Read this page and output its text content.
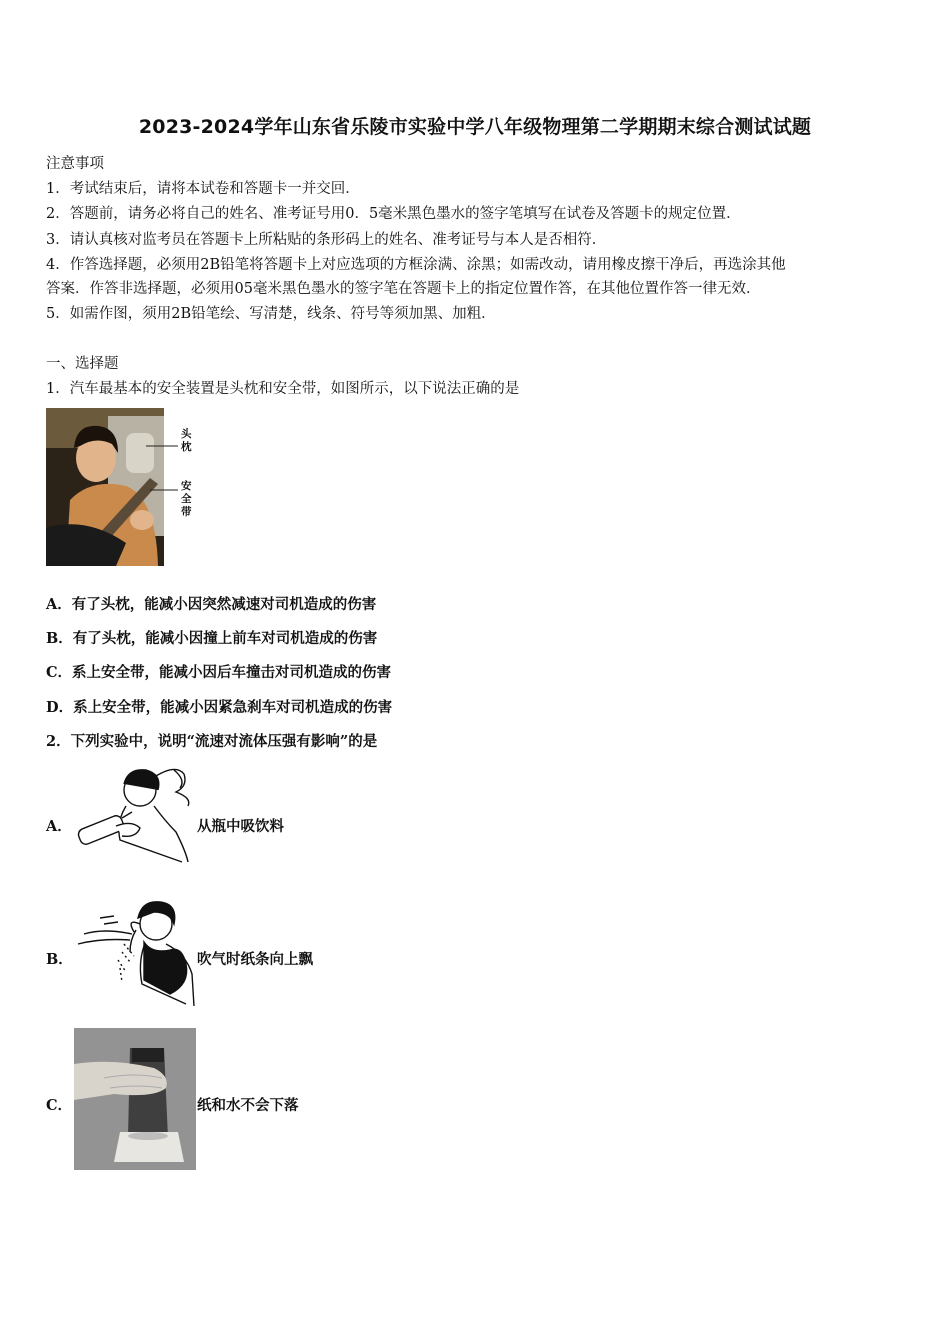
2023-2024学年山东省乐陵市实验中学八年级物理第二学期期末综合测试试题
注意事项
1．考试结束后，请将本试卷和答题卡一并交回．
2．答题前，请务必将自己的姓名、准考证号用0．5毫米黑色墨水的签字笔填写在试卷及答题卡的规定位置．
3．请认真核对监考员在答题卡上所粘贴的条形码上的姓名、准考证号与本人是否相符．
4．作答选择题，必须用2B铅笔将答题卡上对应选项的方框涂满、涂黑；如需改动，请用橡皮擦干净后，再选涂其他
答案．作答非选择题，必须用05毫米黑色墨水的签字笔在答题卡上的指定位置作答，在其他位置作答一律无效．
5．如需作图，须用2B铅笔绘、写清楚，线条、符号等须加黑、加粗．
一、选择题
1．汽车最基本的安全装置是头枕和安全带，如图所示，以下说法正确的是
头枕
安全带
A．有了头枕，能减小因突然减速对司机造成的伤害
B．有了头枕，能减小因撞上前车对司机造成的伤害
C．系上安全带，能减小因后车撞击对司机造成的伤害
D．系上安全带，能减小因紧急刹车对司机造成的伤害
2．下列实验中，说明“流速对流体压强有影响”的是
A．	从瓶中吸饮料
B．	吹气时纸条向上飘
C．	纸和水不会下落
